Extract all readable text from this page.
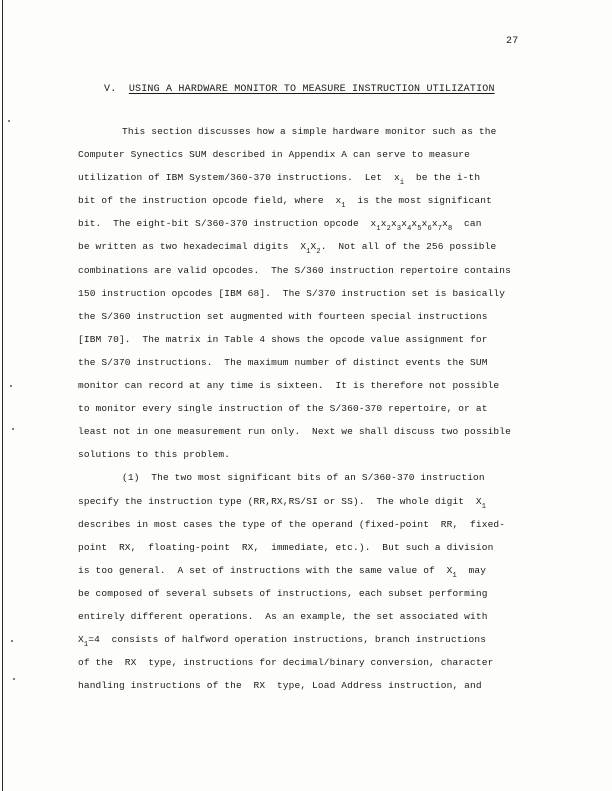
27
V. USING A HARDWARE MONITOR TO MEASURE INSTRUCTION UTILIZATION
This section discusses how a simple hardware monitor such as the
Computer Synectics SUM described in Appendix A can serve to measure
utilization of IBM System/360-370 instructions.  Let  $x_i$  be the i-th
bit of the instruction opcode field, where  $x_1$  is the most significant
bit.  The eight-bit S/360-370 instruction opcode  $x_1x_2x_3x_4x_5x_6x_7x_8$  can
be written as two hexadecimal digits  $X_1X_2$.  Not all of the 256 possible
combinations are valid opcodes.  The S/360 instruction repertoire contains
150 instruction opcodes [IBM 68].  The S/370 instruction set is basically
the S/360 instruction set augmented with fourteen special instructions
[IBM 70].  The matrix in Table 4 shows the opcode value assignment for
the S/370 instructions.  The maximum number of distinct events the SUM
monitor can record at any time is sixteen.  It is therefore not possible
to monitor every single instruction of the S/360-370 repertoire, or at
least not in one measurement run only.  Next we shall discuss two possible
solutions to this problem.
(1)  The two most significant bits of an S/360-370 instruction
specify the instruction type (RR,RX,RS/SI or SS).  The whole digit  $X_1$
describes in most cases the type of the operand (fixed-point  RR,  fixed-
point  RX,  floating-point  RX,  immediate, etc.).  But such a division
is too general.  A set of instructions with the same value of  $X_1$  may
be composed of several subsets of instructions, each subset performing
entirely different operations.  As an example, the set associated with
$X_1=4$  consists of halfword operation instructions, branch instructions
of the  RX  type, instructions for decimal/binary conversion, character
handling instructions of the  RX  type, Load Address instruction, and
